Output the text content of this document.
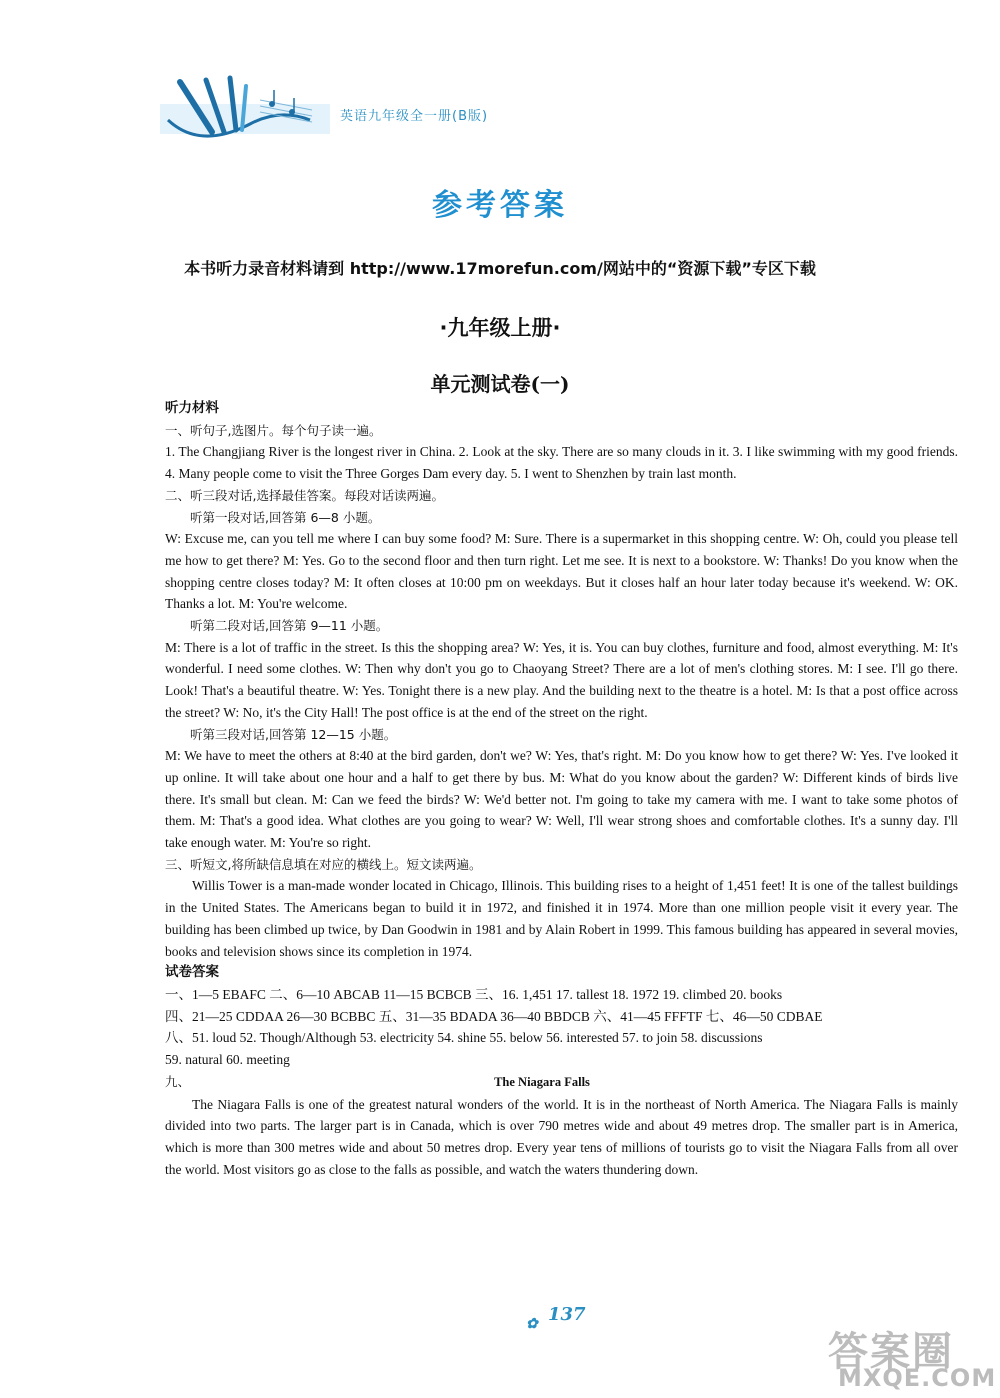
英语九年级全一册(B版)
参考答案
本书听力录音材料请到 http://www.17morefun.com/网站中的“资源下载”专区下载
·九年级上册·
单元测试卷(一)

听力材料

一、听句子,选图片。每个句子读一遍。

1. The Changjiang River is the longest river in China. 2. Look at the sky. There are so many clouds in it. 3. I like swimming with my good friends. 4. Many people come to visit the Three Gorges Dam every day. 5. I went to Shenzhen by train last month.

二、听三段对话,选择最佳答案。每段对话读两遍。

听第一段对话,回答第 6—8 小题。

W: Excuse me, can you tell me where I can buy some food? M: Sure. There is a supermarket in this shopping centre. W: Oh, could you please tell me how to get there? M: Yes. Go to the second floor and then turn right. Let me see. It is next to a bookstore. W: Thanks! Do you know when the shopping centre closes today? M: It often closes at 10:00 pm on weekdays. But it closes half an hour later today because it's weekend. W: OK. Thanks a lot. M: You're welcome.

听第二段对话,回答第 9—11 小题。

M: There is a lot of traffic in the street. Is this the shopping area? W: Yes, it is. You can buy clothes, furniture and food, almost everything. M: It's wonderful. I need some clothes. W: Then why don't you go to Chaoyang Street? There are a lot of men's clothing stores. M: I see. I'll go there. Look! That's a beautiful theatre. W: Yes. Tonight there is a new play. And the building next to the theatre is a hotel. M: Is that a post office across the street? W: No, it's the City Hall! The post office is at the end of the street on the right.

听第三段对话,回答第 12—15 小题。

M: We have to meet the others at 8:40 at the bird garden, don't we? W: Yes, that's right. M: Do you know how to get there? W: Yes. I've looked it up online. It will take about one hour and a half to get there by bus. M: What do you know about the garden? W: Different kinds of birds live there. It's small but clean. M: Can we feed the birds? W: We'd better not. I'm going to take my camera with me. I want to take some photos of them. M: That's a good idea. What clothes are you going to wear? W: Well, I'll wear strong shoes and comfortable clothes. It's a sunny day. I'll take enough water. M: You're so right.

三、听短文,将所缺信息填在对应的横线上。短文读两遍。

Willis Tower is a man-made wonder located in Chicago, Illinois. This building rises to a height of 1,451 feet! It is one of the tallest buildings in the United States. The Americans began to build it in 1972, and finished it in 1974. More than one million people visit it every year. The building has been climbed up twice, by Dan Goodwin in 1981 and by Alain Robert in 1999. This famous building has appeared in several movies, books and television shows since its completion in 1974.

试卷答案

一、1—5 EBAFC 二、6—10 ABCAB 11—15 BCBCB 三、16. 1,451 17. tallest 18. 1972 19. climbed 20. books

四、21—25 CDDAA 26—30 BCBBC 五、31—35 BDADA 36—40 BBDCB 六、41—45 FFFTF 七、46—50 CDBAE

八、51. loud 52. Though/Although 53. electricity 54. shine 55. below 56. interested 57. to join 58. discussions

59. natural 60. meeting

九、	The Niagara Falls

The Niagara Falls is one of the greatest natural wonders of the world. It is in the northeast of North America. The Niagara Falls is mainly divided into two parts. The larger part is in Canada, which is over 790 metres wide and about 49 metres drop. The smaller part is in America, which is more than 300 metres wide and about 50 metres drop. Every year tens of millions of tourists go to visit the Niagara Falls from all over the world. Most visitors go as close to the falls as possible, and watch the waters thundering down.

✿ 137
答案圈
MXQE.COM
